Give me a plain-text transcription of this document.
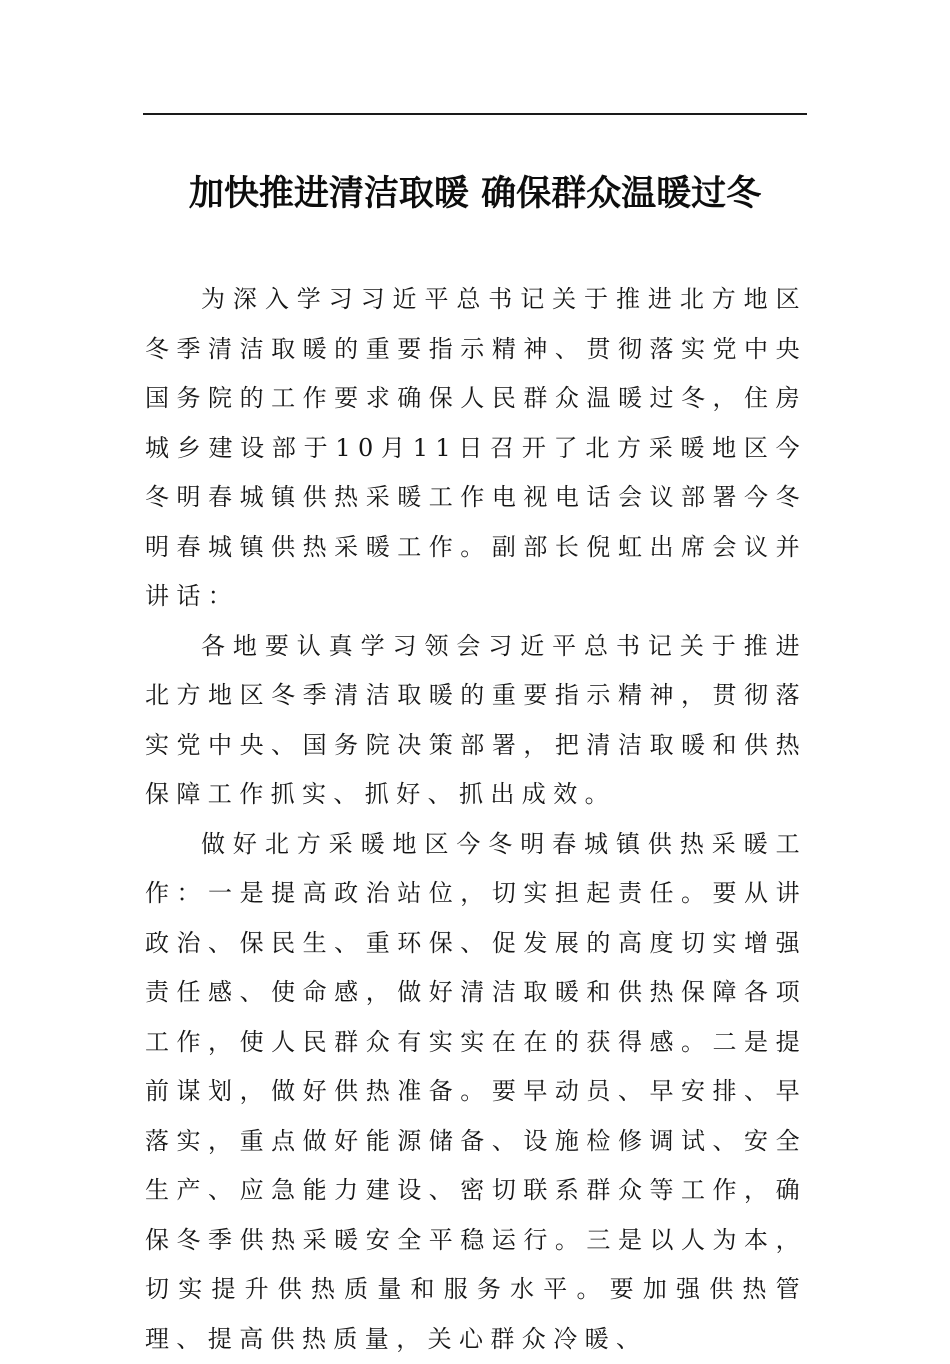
加快推进清洁取暖 确保群众温暖过冬

为深入学习习近平总书记关于推进北方地区冬季清洁取暖的重要指示精神、贯彻落实党中央国务院的工作要求确保人民群众温暖过冬，住房城乡建设部于10月11日召开了北方采暖地区今冬明春城镇供热采暖工作电视电话会议部署今冬明春城镇供热采暖工作。副部长倪虹出席会议并讲话：

各地要认真学习领会习近平总书记关于推进北方地区冬季清洁取暖的重要指示精神，贯彻落实党中央、国务院决策部署，把清洁取暖和供热保障工作抓实、抓好、抓出成效。

做好北方采暖地区今冬明春城镇供热采暖工作：一是提高政治站位，切实担起责任。要从讲政治、保民生、重环保、促发展的高度切实增强责任感、使命感，做好清洁取暖和供热保障各项工作，使人民群众有实实在在的获得感。二是提前谋划，做好供热准备。要早动员、早安排、早落实，重点做好能源储备、设施检修调试、安全生产、应急能力建设、密切联系群众等工作，确保冬季供热采暖安全平稳运行。三是以人为本，切实提升供热质量和服务水平。要加强供热管理、提高供热质量，关心群众冷暖、
